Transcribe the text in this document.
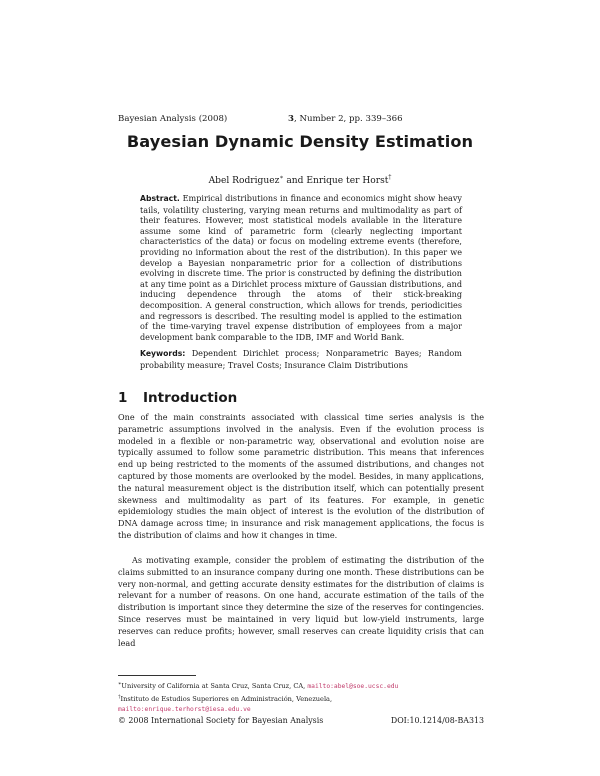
Bayesian Analysis (2008)	3, Number 2, pp. 339–366
Bayesian Dynamic Density Estimation
Abel Rodriguez∗ and Enrique ter Horst†
Abstract. Empirical distributions in finance and economics might show heavy tails, volatility clustering, varying mean returns and multimodality as part of their features. However, most statistical models available in the literature assume some kind of parametric form (clearly neglecting important characteristics of the data) or focus on modeling extreme events (therefore, providing no information about the rest of the distribution). In this paper we develop a Bayesian nonparametric prior for a collection of distributions evolving in discrete time. The prior is constructed by defining the distribution at any time point as a Dirichlet process mixture of Gaussian distributions, and inducing dependence through the atoms of their stick-breaking decomposition. A general construction, which allows for trends, periodicities and regressors is described. The resulting model is applied to the estimation of the time-varying travel expense distribution of employees from a major development bank comparable to the IDB, IMF and World Bank.
Keywords: Dependent Dirichlet process; Nonparametric Bayes; Random probability measure; Travel Costs; Insurance Claim Distributions
1 Introduction
One of the main constraints associated with classical time series analysis is the parametric assumptions involved in the analysis. Even if the evolution process is modeled in a flexible or non-parametric way, observational and evolution noise are typically assumed to follow some parametric distribution. This means that inferences end up being restricted to the moments of the assumed distributions, and changes not captured by those moments are overlooked by the model. Besides, in many applications, the natural measurement object is the distribution itself, which can potentially present skewness and multimodality as part of its features. For example, in genetic epidemiology studies the main object of interest is the evolution of the distribution of DNA damage across time; in insurance and risk management applications, the focus is the distribution of claims and how it changes in time.
As motivating example, consider the problem of estimating the distribution of the claims submitted to an insurance company during one month. These distributions can be very non-normal, and getting accurate density estimates for the distribution of claims is relevant for a number of reasons. On one hand, accurate estimation of the tails of the distribution is important since they determine the size of the reserves for contingencies. Since reserves must be maintained in very liquid but low-yield instruments, large reserves can reduce profits; however, small reserves can create liquidity crisis that can lead
∗University of California at Santa Cruz, Santa Cruz, CA, mailto:abel@soe.ucsc.edu
†Instituto de Estudios Superiores en Administración, Venezuela,
mailto:enrique.terhorst@iesa.edu.ve
© 2008 International Society for Bayesian Analysis	DOI:10.1214/08-BA313
